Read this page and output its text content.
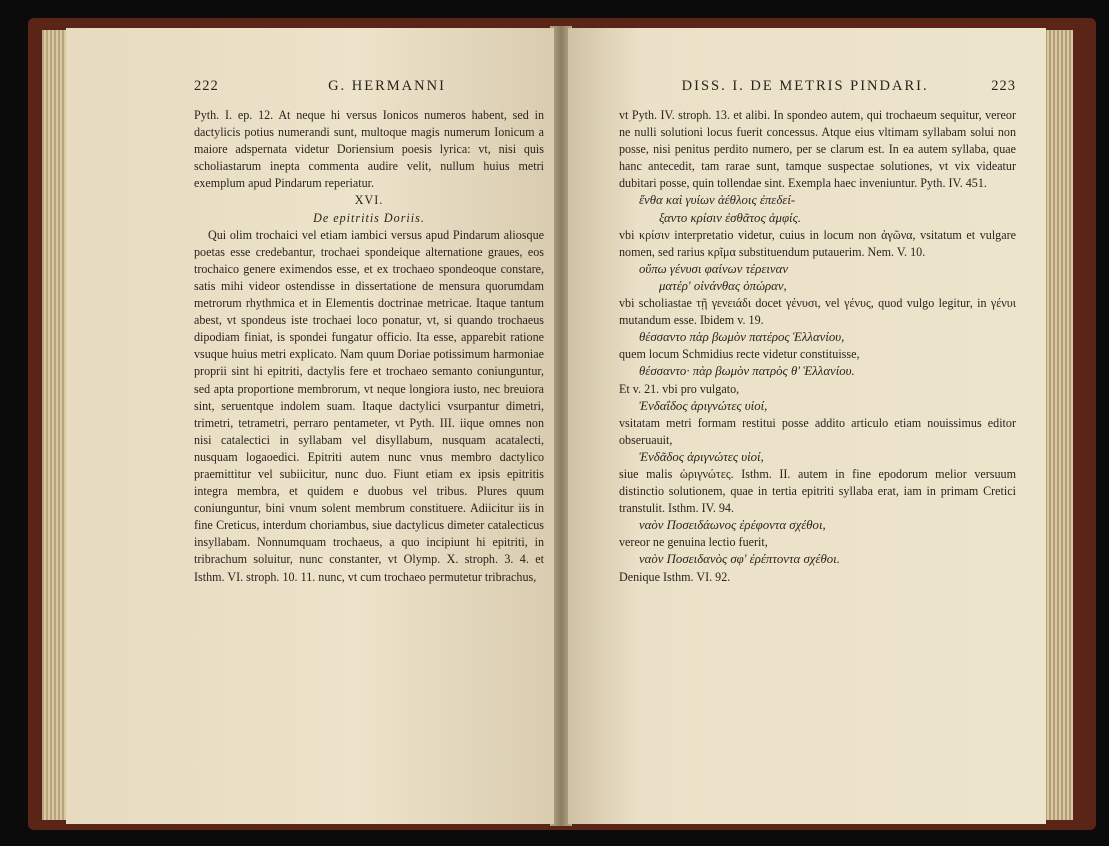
222	G. HERMANNI

Pyth. I. ep. 12. At neque hi versus Ionicos numeros habent, sed in dactylicis potius numerandi sunt, multoque magis numerum Ionicum a maiore adspernata videtur Doriensium poesis lyrica: vt, nisi quis scholiastarum inepta commenta audire velit, nullum huius metri exemplum apud Pindarum reperiatur.

XVI.

De epitritis Doriis.

Qui olim trochaici vel etiam iambici versus apud Pindarum aliosque poetas esse credebantur, trochaei spondeique alternatione graues, eos trochaico genere eximendos esse, et ex trochaeo spondeoque constare, satis mihi videor ostendisse in dissertatione de mensura quorumdam metrorum rhythmica et in Elementis doctrinae metricae. Itaque tantum abest, vt spondeus iste trochaei loco ponatur, vt, si quando trochaeus dipodiam finiat, is spondei fungatur officio. Ita esse, apparebit ratione vsuque huius metri explicato. Nam quum Doriae potissimum harmoniae proprii sint hi epitriti, dactylis fere et trochaeo semanto coniunguntur, sed apta proportione membrorum, vt neque longiora iusto, nec breuiora sint, seruentque indolem suam. Itaque dactylici vsurpantur dimetri, trimetri, tetrametri, perraro pentameter, vt Pyth. III. iique omnes non nisi catalectici in syllabam vel disyllabum, nusquam acatalecti, nusquam logaoedici. Epitriti autem nunc vnus membro dactylico praemittitur vel subiicitur, nunc duo. Fiunt etiam ex ipsis epitritis integra membra, et quidem e duobus vel tribus. Plures quum coniunguntur, bini vnum solent membrum constituere. Adiicitur iis in fine Creticus, interdum choriambus, siue dactylicus dimeter catalecticus insyllabam. Nonnumquam trochaeus, a quo incipiunt hi epitriti, in tribrachum soluitur, nunc constanter, vt Olymp. X. stroph. 3. 4. et Isthm. VI. stroph. 10. 11. nunc, vt cum trochaeo permutetur tribrachus,

DISS. I. DE METRIS PINDARI.	223

vt Pyth. IV. stroph. 13. et alibi. In spondeo autem, qui trochaeum sequitur, vereor ne nulli solutioni locus fuerit concessus. Atque eius vltimam syllabam solui non posse, nisi penitus perdito numero, per se clarum est. In ea autem syllaba, quae hanc antecedit, tam rarae sunt, tamque suspectae solutiones, vt vix videatur dubitari posse, quin tollendae sint. Exempla haec inveniuntur. Pyth. IV. 451.

ἔνθα καὶ γυίων ἀέθλοις ἐπεδεί-

ξαντο κρίσιν ἐσθᾶτος ἀμφίς.

vbi κρίσιν interpretatio videtur, cuius in locum non ἀγῶνα, vsitatum et vulgare nomen, sed rarius κρῖμα substituendum putauerim. Nem. V. 10.

οὔπω γένυσι φαίνων τέρειναν

ματέρ' οἰνάνθας ὀπώραν,

vbi scholiastae τῇ γενειάδι docet γένυσι, vel γένυς, quod vulgo legitur, in γένυι mutandum esse. Ibidem v. 19.

θέσσαντο πὰρ βωμὸν πατέρος Ἑλλανίου,

quem locum Schmidius recte videtur constituisse,

θέσσαντο· πὰρ βωμὸν πατρὸς θ' Ἑλλανίου.

Et v. 21. vbi pro vulgato,

Ἐνδαΐδος ἀριγνώτες υἱοί,

vsitatam metri formam restitui posse addito articulo etiam nouissimus editor obseruauit,

Ἐνδᾶδος ἀριγνώτες υἱοί,

siue malis ὠριγνώτες. Isthm. II. autem in fine epodorum melior versuum distinctio solutionem, quae in tertia epitriti syllaba erat, iam in primam Cretici transtulit. Isthm. IV. 94.

ναὸν Ποσειδάωνος ἐρέφοντα σχέθοι,

vereor ne genuina lectio fuerit,

ναὸν Ποσειδανὸς σφ' ἐρέπτοντα σχέθοι.

Denique Isthm. VI. 92.
